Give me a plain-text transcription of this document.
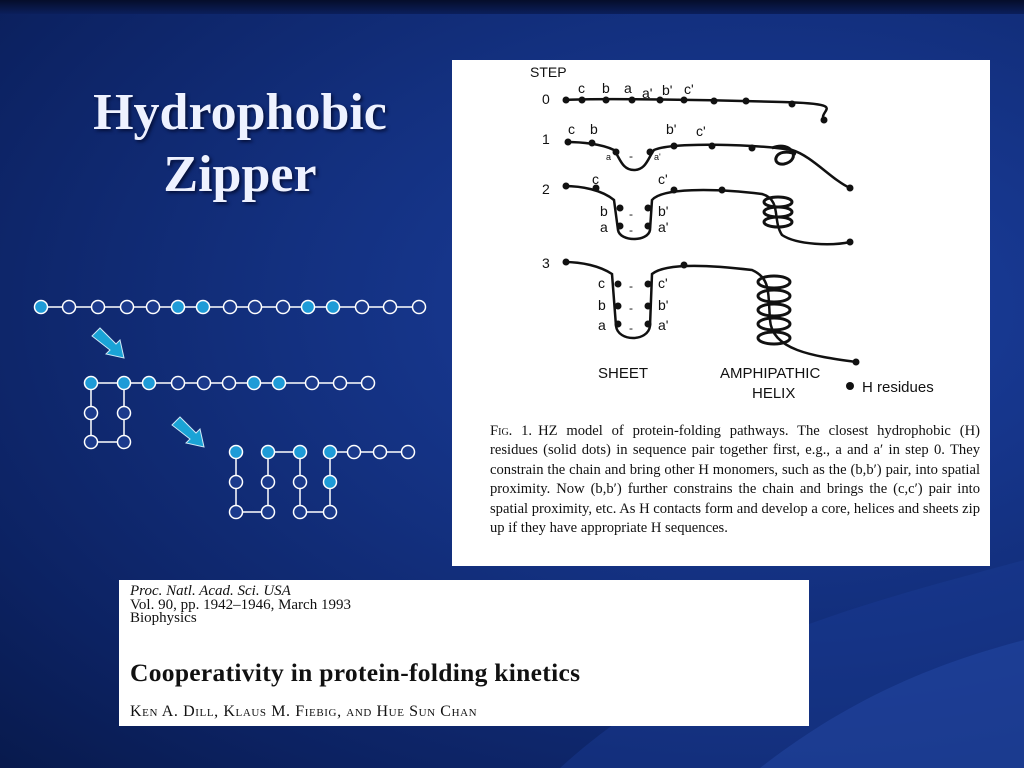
Hydrophobic
Zipper
STEP
0
1
2
3
c b a a' b' c'
c b	b' c'
a	a'
-
c
b
a
b'
a'
c'
-
-
c
b
a
c'
b'
a'
-
-
-
SHEET	AMPHIPATHIC
HELIX	H residues
Fig. 1. HZ model of protein-folding pathways. The closest hydrophobic (H) residues (solid dots) in sequence pair together first, e.g., a and a′ in step 0. They constrain the chain and bring other H monomers, such as the (b,b′) pair, into spatial proximity. Now (b,b′) further constrains the chain and brings the (c,c′) pair into spatial proximity, etc. As H contacts form and develop a core, helices and sheets zip up if they have appropriate H sequences.
Proc. Natl. Acad. Sci. USA
Vol. 90, pp. 1942–1946, March 1993
Biophysics
Cooperativity in protein-folding kinetics
Ken A. Dill, Klaus M. Fiebig, and Hue Sun Chan
